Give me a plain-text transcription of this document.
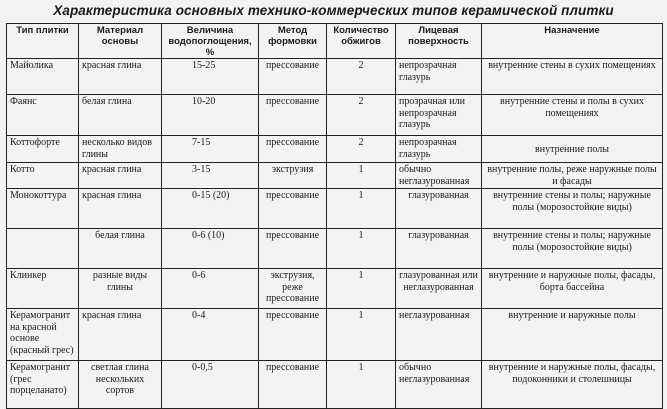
Характеристика основных технико-коммерческих типов керамической плитки
Тип плитки	Материал основы	Величина водопоглощения, %	Метод формовки	Количество обжигов	Лицевая поверхность	Назначение
Майолика	красная глина	15-25	прессование	2	непрозрачная глазурь	внутренние стены в сухих помещениях
Фаянс	белая глина	10-20	прессование	2	прозрачная или непрозрачная глазурь	внутренние стены и полы в сухих помещениях
Коттофорте	несколько видов глины	7-15	прессование	2	непрозрачная глазурь	внутренние полы
Котто	красная глина	3-15	экструзия	1	обычно неглазурованная	внутренние полы, реже наружные полы и фасады
Монокоттура	красная глина	0-15 (20)	прессование	1	глазурованная	внутренние стены и полы; наружные полы (морозостойкие виды)
	белая глина	0-6 (10)	прессование	1	глазурованная	внутренние стены и полы; наружные полы (морозостойкие виды)
Клинкер	разные виды глины	0-6	экструзия, реже прессование	1	глазурованная или неглазурованная	внутренние и наружные полы, фасады, борта бассейна
Керамогранит на красной основе (красный грес)	красная глина	0-4	прессование	1	неглазурованная	внутренние и наружные полы
Керамогранит (грес порцеланато)	светлая глина нескольких сортов	0-0,5	прессование	1	обычно неглазурованная	внутренние и наружные полы, фасады, подоконники и столешницы
